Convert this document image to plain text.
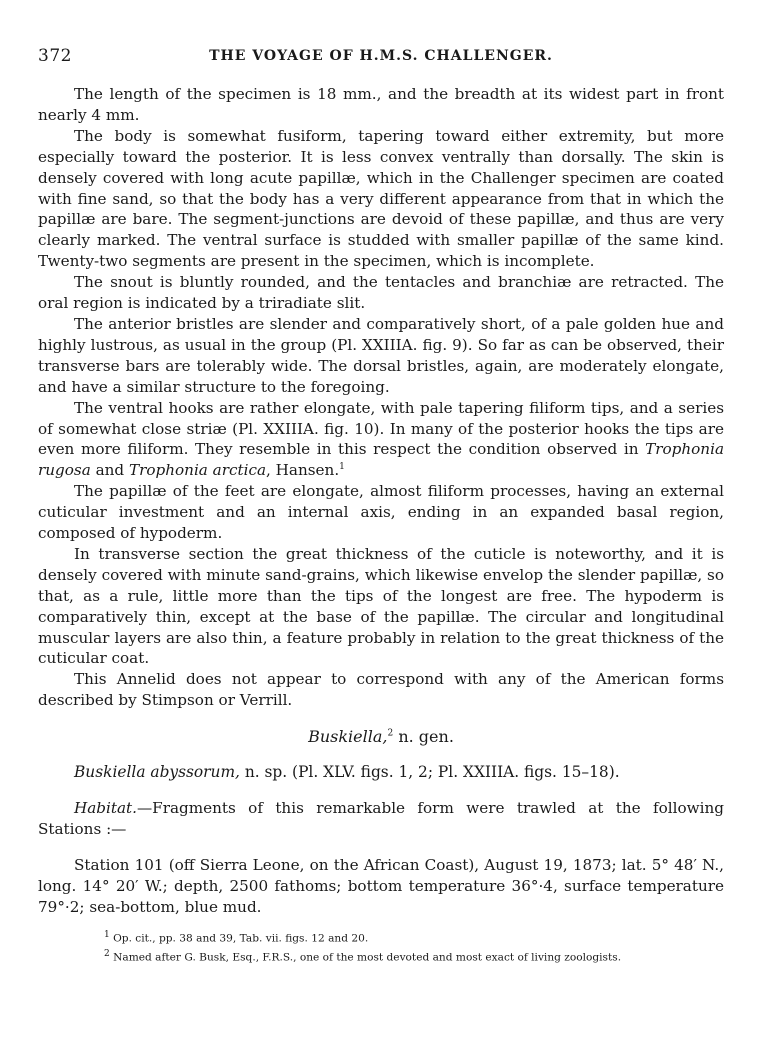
372	THE VOYAGE OF H.M.S. CHALLENGER.

The length of the specimen is 18 mm., and the breadth at its widest part in front nearly 4 mm.

The body is somewhat fusiform, tapering toward either extremity, but more especially toward the posterior. It is less convex ventrally than dorsally. The skin is densely covered with long acute papillæ, which in the Challenger specimen are coated with fine sand, so that the body has a very different appearance from that in which the papillæ are bare. The segment-junctions are devoid of these papillæ, and thus are very clearly marked. The ventral surface is studded with smaller papillæ of the same kind. Twenty-two segments are present in the specimen, which is incomplete.

The snout is bluntly rounded, and the tentacles and branchiæ are retracted. The oral region is indicated by a triradiate slit.

The anterior bristles are slender and comparatively short, of a pale golden hue and highly lustrous, as usual in the group (Pl. XXIIIA. fig. 9). So far as can be observed, their transverse bars are tolerably wide. The dorsal bristles, again, are moderately elongate, and have a similar structure to the foregoing.

The ventral hooks are rather elongate, with pale tapering filiform tips, and a series of somewhat close striæ (Pl. XXIIIA. fig. 10). In many of the posterior hooks the tips are even more filiform. They resemble in this respect the condition observed in Trophonia rugosa and Trophonia arctica, Hansen.$^1$

The papillæ of the feet are elongate, almost filiform processes, having an external cuticular investment and an internal axis, ending in an expanded basal region, composed of hypoderm.

In transverse section the great thickness of the cuticle is noteworthy, and it is densely covered with minute sand-grains, which likewise envelop the slender papillæ, so that, as a rule, little more than the tips of the longest are free. The hypoderm is comparatively thin, except at the base of the papillæ. The circular and longitudinal muscular layers are also thin, a feature probably in relation to the great thickness of the cuticular coat.

This Annelid does not appear to correspond with any of the American forms described by Stimpson or Verrill.

Buskiella,$^2$ n. gen.

Buskiella abyssorum, n. sp. (Pl. XLV. figs. 1, 2; Pl. XXIIIA. figs. 15–18).

Habitat.—Fragments of this remarkable form were trawled at the following Stations :—

Station 101 (off Sierra Leone, on the African Coast), August 19, 1873; lat. 5° 48′ N., long. 14° 20′ W.; depth, 2500 fathoms; bottom temperature 36°·4, surface temperature 79°·2; sea-bottom, blue mud.

$^1$ Op. cit., pp. 38 and 39, Tab. vii. figs. 12 and 20.
$^2$ Named after G. Busk, Esq., F.R.S., one of the most devoted and most exact of living zoologists.
